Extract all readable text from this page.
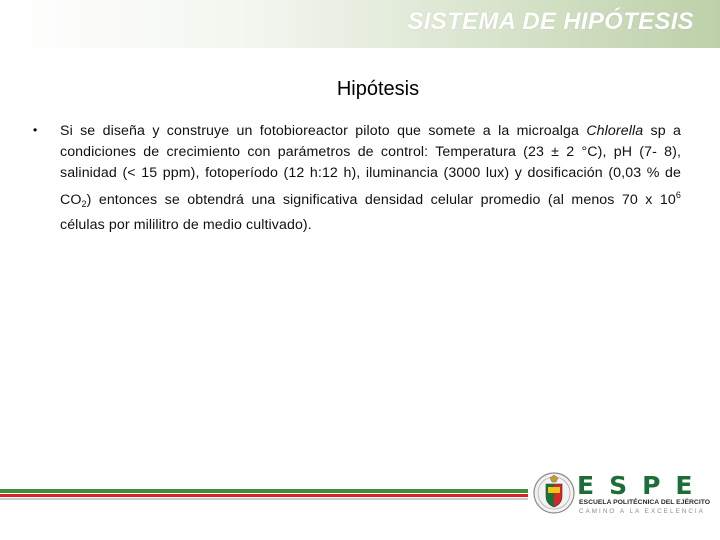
SISTEMA DE HIPÓTESIS
Hipótesis
• Si se diseña y construye un fotobioreactor piloto que somete a la microalga Chlorella sp a condiciones de crecimiento con parámetros de control: Temperatura (23 ± 2 °C), pH (7- 8), salinidad (< 15 ppm), fotoperíodo (12 h:12 h), iluminancia (3000 lux) y dosificación (0,03 % de $CO_2$) entonces se obtendrá una significativa densidad celular promedio (al menos 70 x $10^6$ células por mililitro de medio cultivado).
ESPE
ESCUELA POLITÉCNICA DEL EJÉRCITO
CAMINO A LA EXCELENCIA
